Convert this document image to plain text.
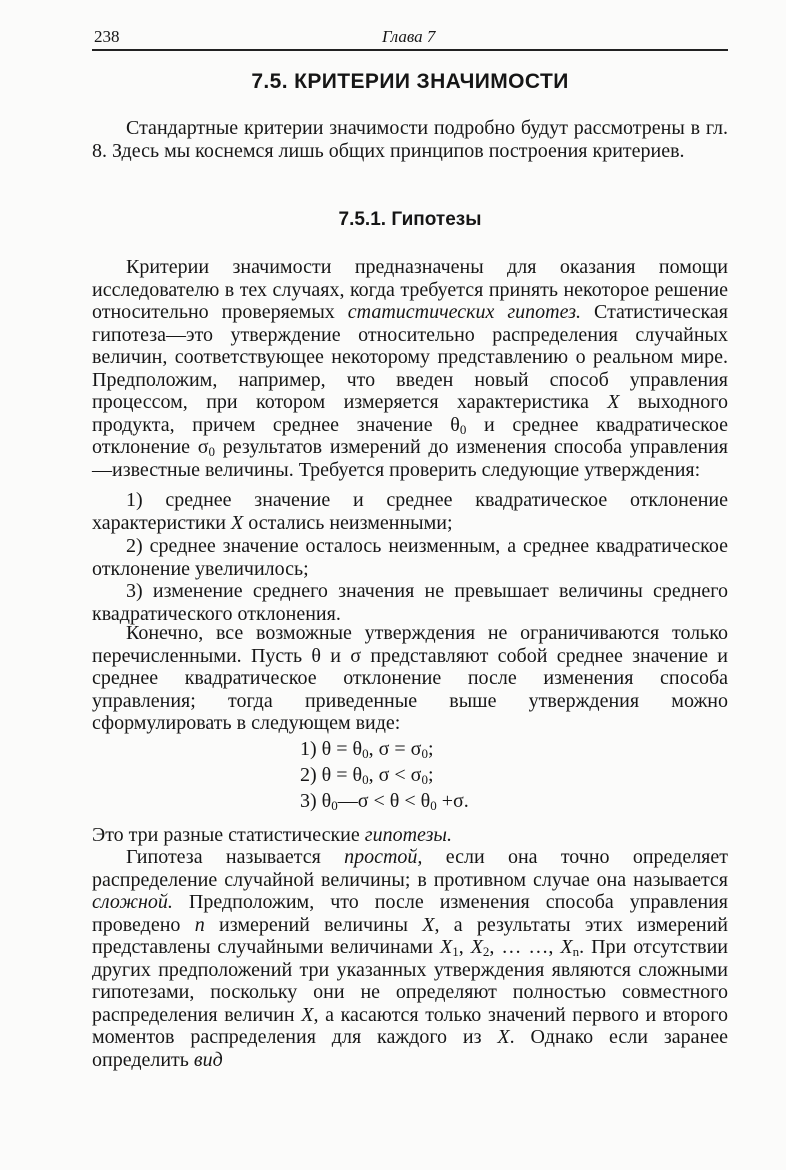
238	Глава 7
7.5. КРИТЕРИИ ЗНАЧИМОСТИ

Стандартные критерии значимости подробно будут рассмотрены в гл. 8. Здесь мы коснемся лишь общих принципов построения критериев.

7.5.1. Гипотезы

Критерии значимости предназначены для оказания помощи исследователю в тех случаях, когда требуется принять некоторое решение относительно проверяемых статистических гипотез. Статистическая гипотеза—это утверждение относительно распределения случайных величин, соответствующее некоторому представлению о реальном мире. Предположим, например, что введен новый способ управления процессом, при котором измеряется характеристика X выходного продукта, причем среднее значение $\theta_0$ и среднее квадратическое отклонение $\sigma_0$ результатов измерений до изменения способа управления—известные величины. Требуется проверить следующие утверждения:

1) среднее значение и среднее квадратическое отклонение характеристики X остались неизменными;

2) среднее значение осталось неизменным, а среднее квадратическое отклонение увеличилось;

3) изменение среднего значения не превышает величины среднего квадратического отклонения.

Конечно, все возможные утверждения не ограничиваются только перечисленными. Пусть θ и σ представляют собой среднее значение и среднее квадратическое отклонение после изменения способа управления; тогда приведенные выше утверждения можно сформулировать в следующем виде:

1) $\theta = \theta_0$, $\sigma = \sigma_0$;
2) $\theta = \theta_0$, $\sigma < \sigma_0$;
3) $\theta_0—\sigma < \theta < \theta_0 +\sigma$.

Это три разные статистические гипотезы.

Гипотеза называется простой, если она точно определяет распределение случайной величины; в противном случае она называется сложной. Предположим, что после изменения способа управления проведено n измерений величины X, а результаты этих измерений представлены случайными величинами $X_1$, $X_2$, … …, $X_n$. При отсутствии других предположений три указанных утверждения являются сложными гипотезами, поскольку они не определяют полностью совместного распределения величин X, а касаются только значений первого и второго моментов распределения для каждого из X. Однако если заранее определить вид
